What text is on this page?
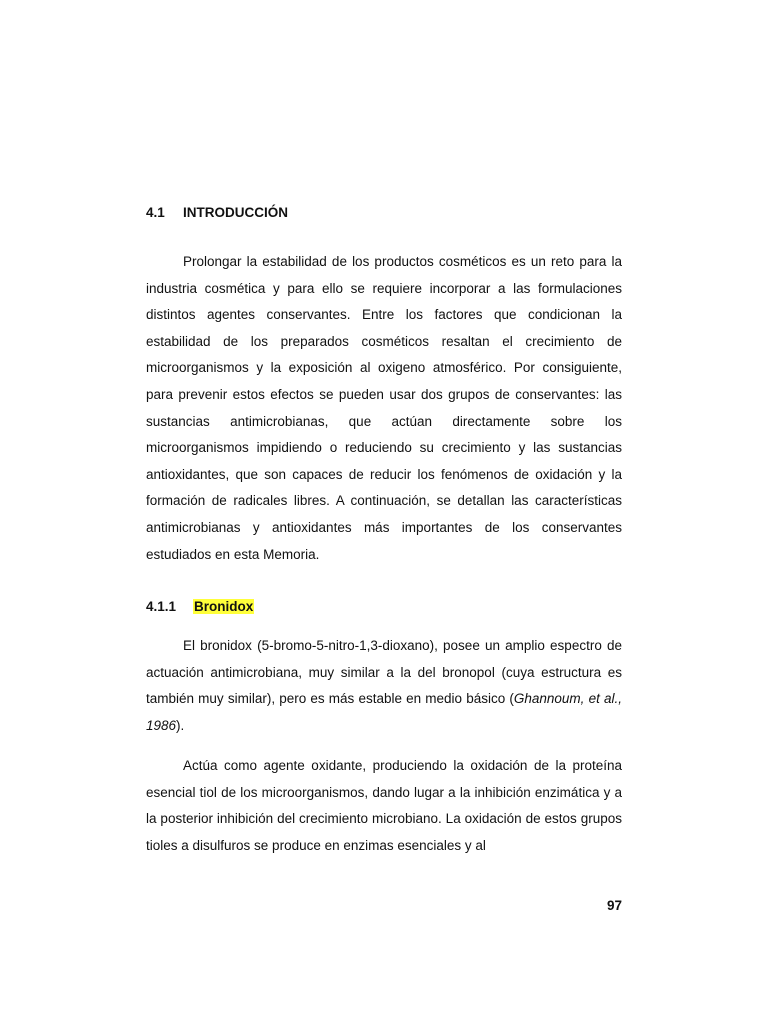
4.1 INTRODUCCIÓN

Prolongar la estabilidad de los productos cosméticos es un reto para la industria cosmética y para ello se requiere incorporar a las formulaciones distintos agentes conservantes. Entre los factores que condicionan la estabilidad de los preparados cosméticos resaltan el crecimiento de microorganismos y la exposición al oxigeno atmosférico. Por consiguiente, para prevenir estos efectos se pueden usar dos grupos de conservantes: las sustancias antimicrobianas, que actúan directamente sobre los microorganismos impidiendo o reduciendo su crecimiento y las sustancias antioxidantes, que son capaces de reducir los fenómenos de oxidación y la formación de radicales libres. A continuación, se detallan las características antimicrobianas y antioxidantes más importantes de los conservantes estudiados en esta Memoria.

4.1.1 Bronidox

El bronidox (5-bromo-5-nitro-1,3-dioxano), posee un amplio espectro de actuación antimicrobiana, muy similar a la del bronopol (cuya estructura es también muy similar), pero es más estable en medio básico (Ghannoum, et al., 1986).

Actúa como agente oxidante, produciendo la oxidación de la proteína esencial tiol de los microorganismos, dando lugar a la inhibición enzimática y a la posterior inhibición del crecimiento microbiano. La oxidación de estos grupos tioles a disulfuros se produce en enzimas esenciales y al

97
